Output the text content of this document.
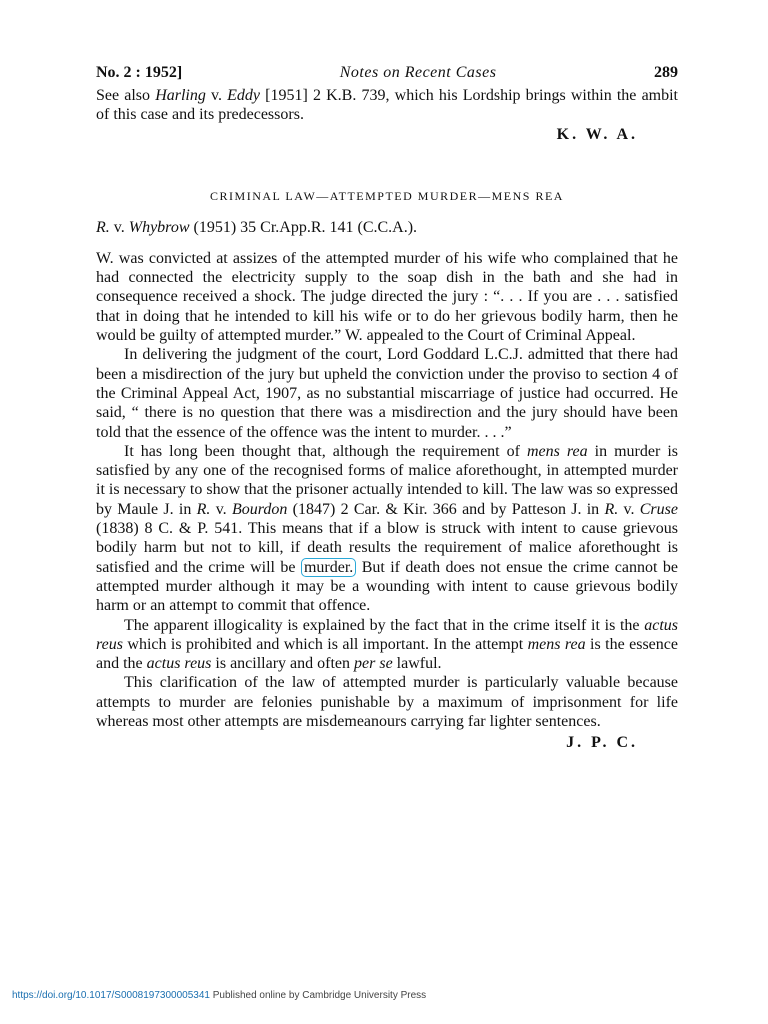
No. 2 : 1952]	Notes on Recent Cases	289

See also Harling v. Eddy [1951] 2 K.B. 739, which his Lordship brings within the ambit of this case and its predecessors.

K. W. A.
CRIMINAL LAW—ATTEMPTED MURDER—MENS REA

R. v. Whybrow (1951) 35 Cr.App.R. 141 (C.C.A.).

W. was convicted at assizes of the attempted murder of his wife who complained that he had connected the electricity supply to the soap dish in the bath and she had in consequence received a shock. The judge directed the jury : “. . . If you are . . . satisfied that in doing that he intended to kill his wife or to do her grievous bodily harm, then he would be guilty of attempted murder.” W. appealed to the Court of Criminal Appeal.

In delivering the judgment of the court, Lord Goddard L.C.J. admitted that there had been a misdirection of the jury but upheld the conviction under the proviso to section 4 of the Criminal Appeal Act, 1907, as no substantial miscarriage of justice had occurred. He said, “ there is no question that there was a misdirection and the jury should have been told that the essence of the offence was the intent to murder. . . .”

It has long been thought that, although the requirement of mens rea in murder is satisfied by any one of the recognised forms of malice aforethought, in attempted murder it is necessary to show that the prisoner actually intended to kill. The law was so expressed by Maule J. in R. v. Bourdon (1847) 2 Car. & Kir. 366 and by Patteson J. in R. v. Cruse (1838) 8 C. & P. 541. This means that if a blow is struck with intent to cause grievous bodily harm but not to kill, if death results the requirement of malice aforethought is satisfied and the crime will be murder. But if death does not ensue the crime cannot be attempted murder although it may be a wounding with intent to cause grievous bodily harm or an attempt to commit that offence.

The apparent illogicality is explained by the fact that in the crime itself it is the actus reus which is prohibited and which is all important. In the attempt mens rea is the essence and the actus reus is ancillary and often per se lawful.

This clarification of the law of attempted murder is particularly valuable because attempts to murder are felonies punishable by a maximum of imprisonment for life whereas most other attempts are misdemeanours carrying far lighter sentences.

J. P. C.
https://doi.org/10.1017/S0008197300005341 Published online by Cambridge University Press
